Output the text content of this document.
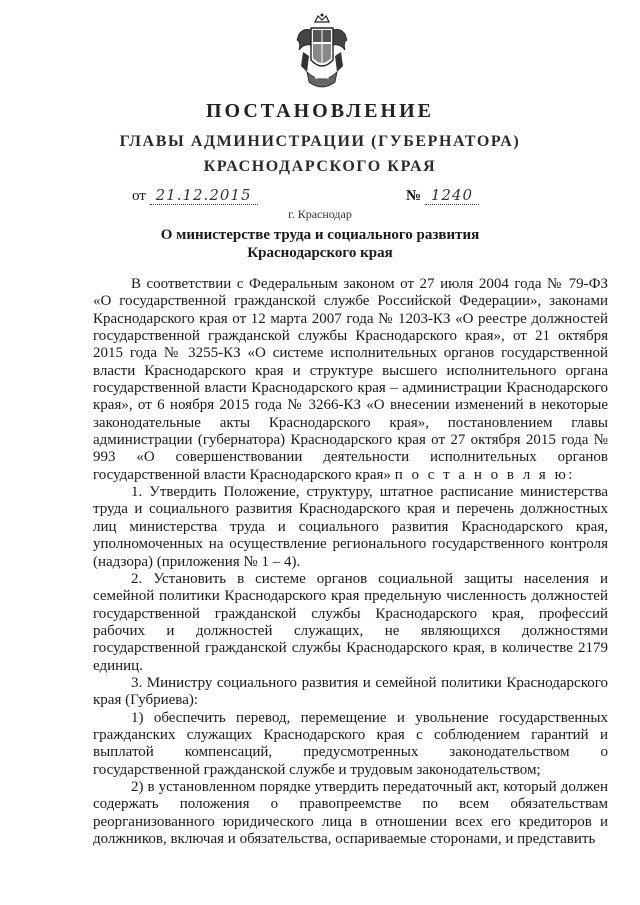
ПОСТАНОВЛЕНИЕ
ГЛАВЫ АДМИНИСТРАЦИИ (ГУБЕРНАТОРА)
КРАСНОДАРСКОГО КРАЯ
от 21.12.2015	№ 1240
г. Краснодар
О министерстве труда и социального развития
Краснодарского края

В соответствии с Федеральным законом от 27 июля 2004 года № 79-ФЗ «О государственной гражданской службе Российской Федерации», законами Краснодарского края от 12 марта 2007 года № 1203-КЗ «О реестре должностей государственной гражданской службы Краснодарского края», от 21 октября 2015 года № 3255-КЗ «О системе исполнительных органов государственной власти Краснодарского края и структуре высшего исполнительного органа государственной власти Краснодарского края – администрации Краснодарского края», от 6 ноября 2015 года № 3266-КЗ «О внесении изменений в некоторые законодательные акты Краснодарского края», постановлением главы администрации (губернатора) Краснодарского края от 27 октября 2015 года № 993 «О совершенствовании деятельности исполнительных органов государственной власти Краснодарского края» п о с т а н о в л я ю:

1. Утвердить Положение, структуру, штатное расписание министерства труда и социального развития Краснодарского края и перечень должностных лиц министерства труда и социального развития Краснодарского края, уполномоченных на осуществление регионального государственного контроля (надзора) (приложения № 1 – 4).

2. Установить в системе органов социальной защиты населения и семейной политики Краснодарского края предельную численность должностей государственной гражданской службы Краснодарского края, профессий рабочих и должностей служащих, не являющихся должностями государственной гражданской службы Краснодарского края, в количестве 2179 единиц.

3. Министру социального развития и семейной политики Краснодарского края (Губриева):

1) обеспечить перевод, перемещение и увольнение государственных гражданских служащих Краснодарского края с соблюдением гарантий и выплатой компенсаций, предусмотренных законодательством о государственной гражданской службе и трудовым законодательством;

2) в установленном порядке утвердить передаточный акт, который должен содержать положения о правопреемстве по всем обязательствам реорганизованного юридического лица в отношении всех его кредиторов и должников, включая и обязательства, оспариваемые сторонами, и представить
